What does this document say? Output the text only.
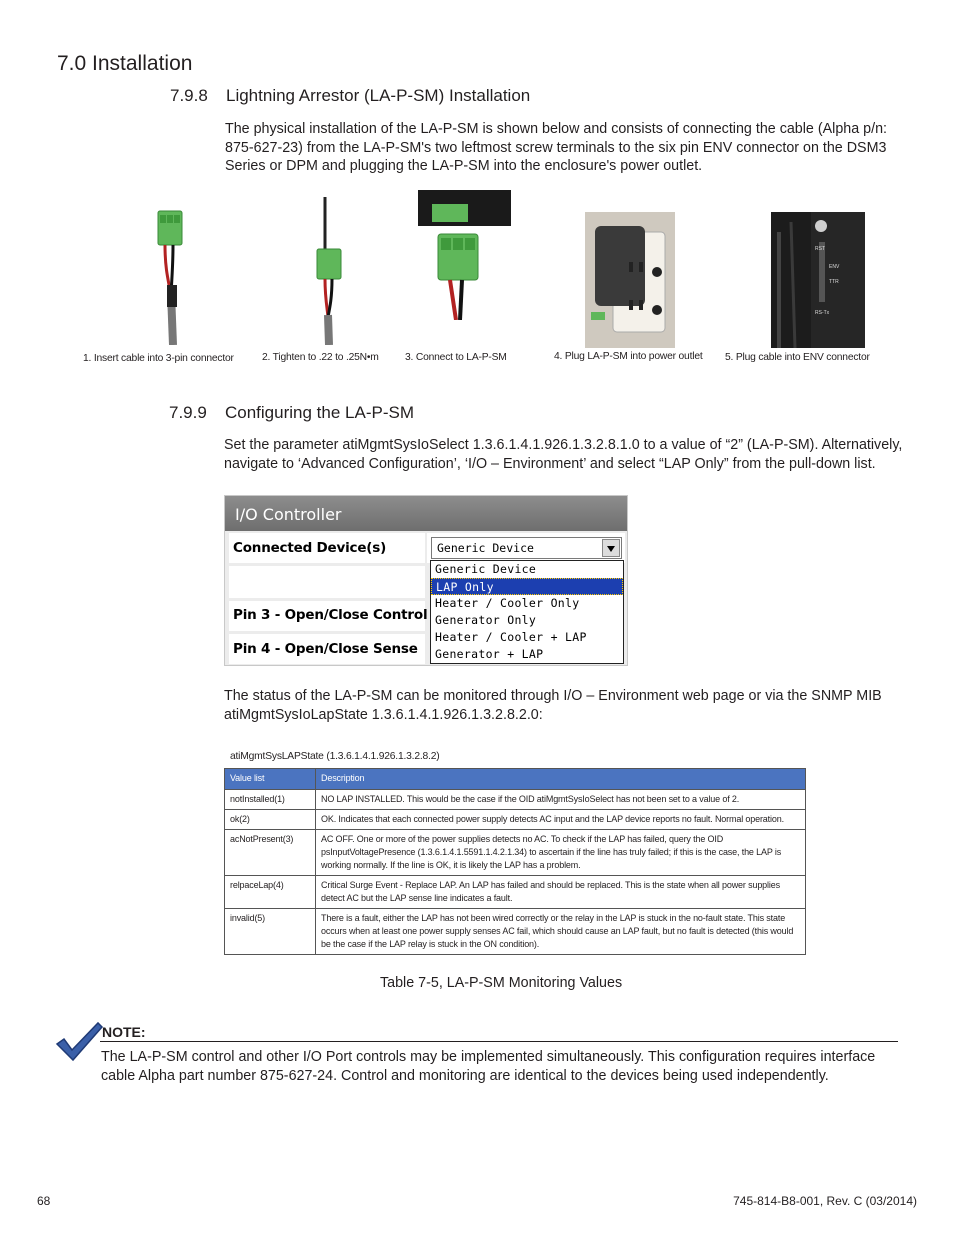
7.0 Installation
7.9.8 Lightning Arrestor (LA-P-SM) Installation
The physical installation of the LA-P-SM is shown below and consists of connecting the cable (Alpha p/n: 875-627-23) from the LA-P-SM's two leftmost screw terminals to the six pin ENV connector on the DSM3 Series or DPM and plugging the LA-P-SM into the enclosure's power outlet.
RST
ENV
TTR
RS-Tx
1. Insert cable into 3-pin connector	2. Tighten to .22 to .25N•m	3. Connect to LA-P-SM	4. Plug LA-P-SM into power outlet 5. Plug cable into ENV connector
7.9.9 Configuring the LA-P-SM
Set the parameter atiMgmtSysIoSelect 1.3.6.1.4.1.926.1.3.2.8.1.0 to a value of “2” (LA-P-SM). Alternatively, navigate to ‘Advanced Configuration’, ‘I/O – Environment’ and select “LAP Only” from the pull-down list.
I/O Controller
Connected Device(s)
Pin 3 - Open/Close Control
Pin 4 - Open/Close Sense
Generic Device
Generic Device
LAP Only
Heater / Cooler Only
Generator Only
Heater / Cooler + LAP
Generator + LAP
The status of the LA-P-SM can be monitored through I/O – Environment web page or via the SNMP MIB atiMgmtSysIoLapState 1.3.6.1.4.1.926.1.3.2.8.2.0:
atiMgmtSysLAPState (1.3.6.1.4.1.926.1.3.2.8.2)
Value list	Description
notInstalled(1)	NO LAP INSTALLED. This would be the case if the OID atiMgmtSysIoSelect has not been set to a value of 2.
ok(2)	OK. Indicates that each connected power supply detects AC input and the LAP device reports no fault. Normal operation.
acNotPresent(3)	AC OFF. One or more of the power supplies detects no AC. To check if the LAP has failed, query the OID psInputVoltagePresence (1.3.6.1.4.1.5591.1.4.2.1.34) to ascertain if the line has truly failed; if this is the case, the LAP is working normally. If the line is OK, it is likely the LAP has a problem.
relpaceLap(4)	Critical Surge Event - Replace LAP. An LAP has failed and should be replaced. This is the state when all power supplies detect AC but the LAP sense line indicates a fault.
invalid(5)	There is a fault, either the LAP has not been wired correctly or the relay in the LAP is stuck in the no-fault state. This state occurs when at least one power supply senses AC fail, which should cause an LAP fault, but no fault is detected (this would be the case if the LAP relay is stuck in the ON condition).
Table 7-5, LA-P-SM Monitoring Values
NOTE:
The LA-P-SM control and other I/O Port controls may be implemented simultaneously. This configuration requires interface cable Alpha part number 875-627-24. Control and monitoring are identical to the devices being used independently.
68	745-814-B8-001, Rev. C (03/2014)
